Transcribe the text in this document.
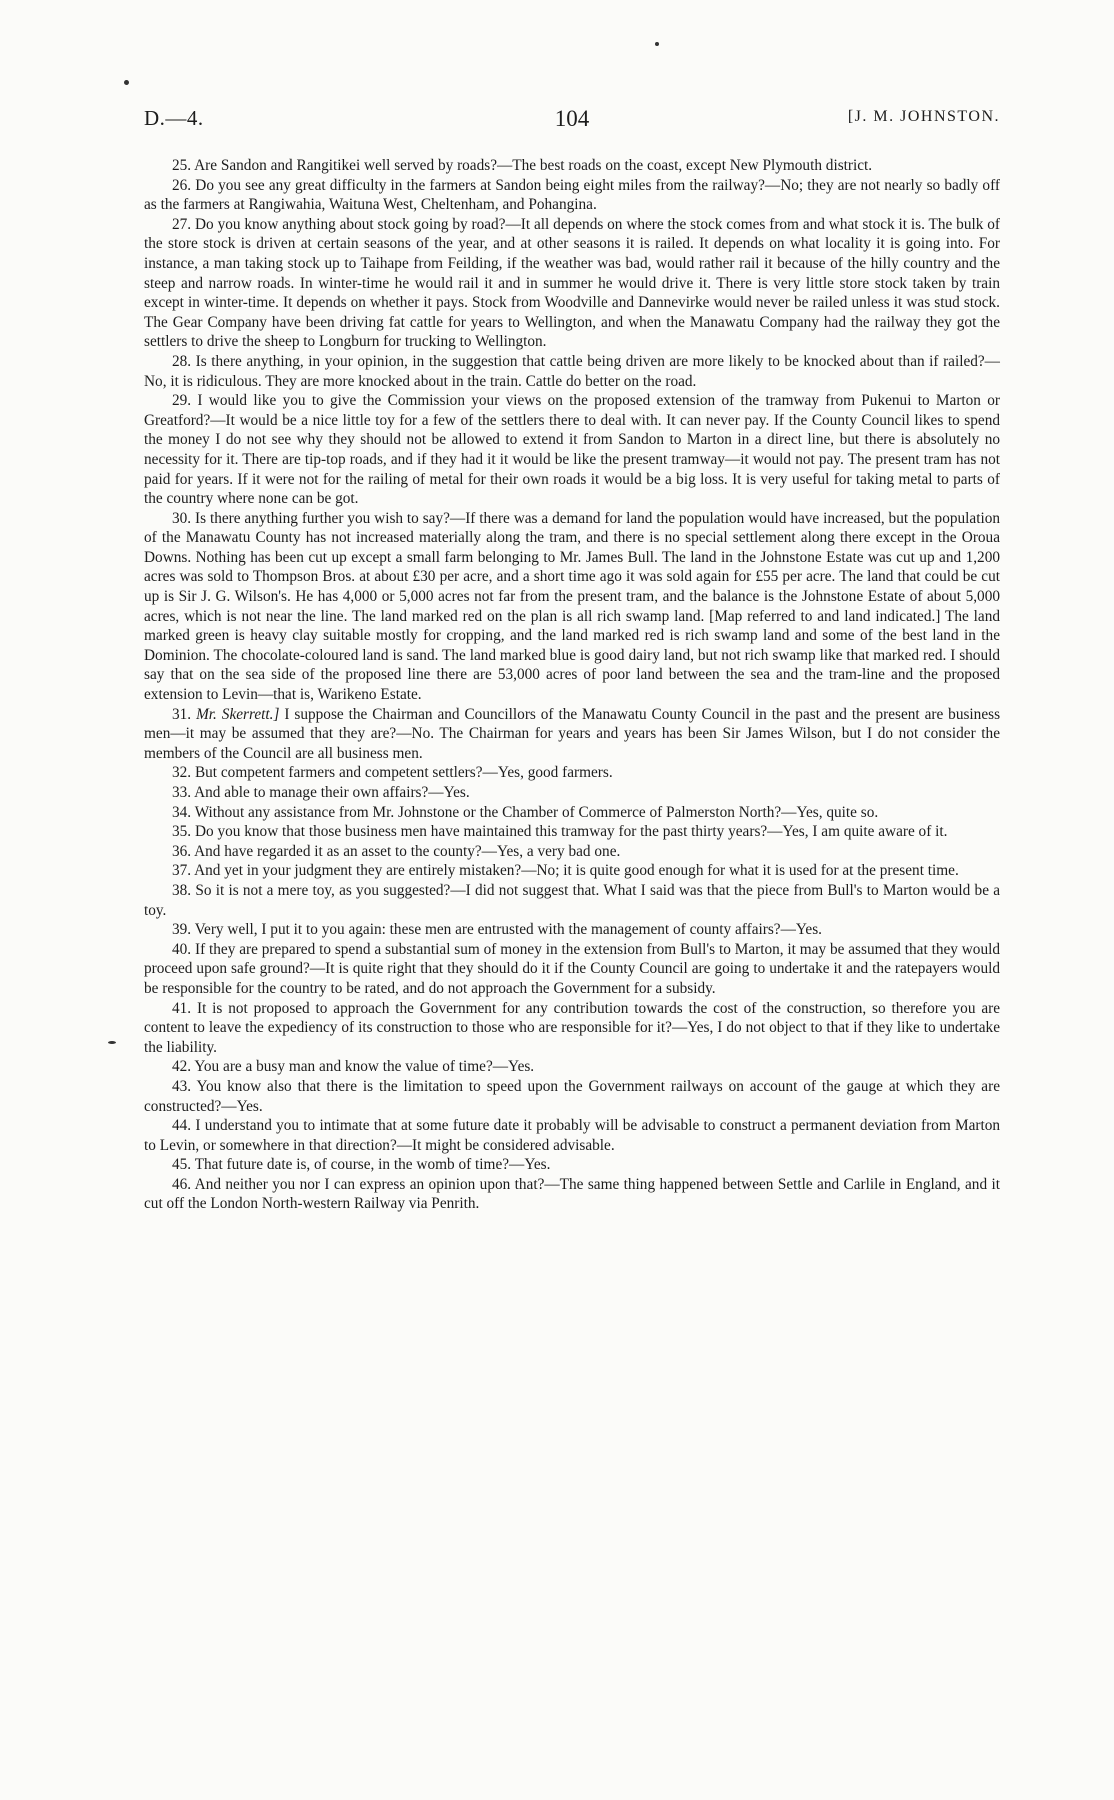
D.—4.	104	[J. M. JOHNSTON.

25. Are Sandon and Rangitikei well served by roads?—The best roads on the coast, except New Plymouth district.

26. Do you see any great difficulty in the farmers at Sandon being eight miles from the railway?—No; they are not nearly so badly off as the farmers at Rangiwahia, Waituna West, Cheltenham, and Pohangina.

27. Do you know anything about stock going by road?—It all depends on where the stock comes from and what stock it is. The bulk of the store stock is driven at certain seasons of the year, and at other seasons it is railed. It depends on what locality it is going into. For instance, a man taking stock up to Taihape from Feilding, if the weather was bad, would rather rail it because of the hilly country and the steep and narrow roads. In winter-time he would rail it and in summer he would drive it. There is very little store stock taken by train except in winter-time. It depends on whether it pays. Stock from Woodville and Dannevirke would never be railed unless it was stud stock. The Gear Company have been driving fat cattle for years to Wellington, and when the Manawatu Company had the railway they got the settlers to drive the sheep to Longburn for trucking to Wellington.

28. Is there anything, in your opinion, in the suggestion that cattle being driven are more likely to be knocked about than if railed?—No, it is ridiculous. They are more knocked about in the train. Cattle do better on the road.

29. I would like you to give the Commission your views on the proposed extension of the tramway from Pukenui to Marton or Greatford?—It would be a nice little toy for a few of the settlers there to deal with. It can never pay. If the County Council likes to spend the money I do not see why they should not be allowed to extend it from Sandon to Marton in a direct line, but there is absolutely no necessity for it. There are tip-top roads, and if they had it it would be like the present tramway—it would not pay. The present tram has not paid for years. If it were not for the railing of metal for their own roads it would be a big loss. It is very useful for taking metal to parts of the country where none can be got.

30. Is there anything further you wish to say?—If there was a demand for land the population would have increased, but the population of the Manawatu County has not increased materially along the tram, and there is no special settlement along there except in the Oroua Downs. Nothing has been cut up except a small farm belonging to Mr. James Bull. The land in the Johnstone Estate was cut up and 1,200 acres was sold to Thompson Bros. at about £30 per acre, and a short time ago it was sold again for £55 per acre. The land that could be cut up is Sir J. G. Wilson's. He has 4,000 or 5,000 acres not far from the present tram, and the balance is the Johnstone Estate of about 5,000 acres, which is not near the line. The land marked red on the plan is all rich swamp land. [Map referred to and land indicated.] The land marked green is heavy clay suitable mostly for cropping, and the land marked red is rich swamp land and some of the best land in the Dominion. The chocolate-coloured land is sand. The land marked blue is good dairy land, but not rich swamp like that marked red. I should say that on the sea side of the proposed line there are 53,000 acres of poor land between the sea and the tram-line and the proposed extension to Levin—that is, Warikeno Estate.

31. Mr. Skerrett.] I suppose the Chairman and Councillors of the Manawatu County Council in the past and the present are business men—it may be assumed that they are?—No. The Chairman for years and years has been Sir James Wilson, but I do not consider the members of the Council are all business men.

32. But competent farmers and competent settlers?—Yes, good farmers.

33. And able to manage their own affairs?—Yes.

34. Without any assistance from Mr. Johnstone or the Chamber of Commerce of Palmerston North?—Yes, quite so.

35. Do you know that those business men have maintained this tramway for the past thirty years?—Yes, I am quite aware of it.

36. And have regarded it as an asset to the county?—Yes, a very bad one.

37. And yet in your judgment they are entirely mistaken?—No; it is quite good enough for what it is used for at the present time.

38. So it is not a mere toy, as you suggested?—I did not suggest that. What I said was that the piece from Bull's to Marton would be a toy.

39. Very well, I put it to you again: these men are entrusted with the management of county affairs?—Yes.

40. If they are prepared to spend a substantial sum of money in the extension from Bull's to Marton, it may be assumed that they would proceed upon safe ground?—It is quite right that they should do it if the County Council are going to undertake it and the ratepayers would be responsible for the country to be rated, and do not approach the Government for a subsidy.

41. It is not proposed to approach the Government for any contribution towards the cost of the construction, so therefore you are content to leave the expediency of its construction to those who are responsible for it?—Yes, I do not object to that if they like to undertake the liability.

42. You are a busy man and know the value of time?—Yes.

43. You know also that there is the limitation to speed upon the Government railways on account of the gauge at which they are constructed?—Yes.

44. I understand you to intimate that at some future date it probably will be advisable to construct a permanent deviation from Marton to Levin, or somewhere in that direction?—It might be considered advisable.

45. That future date is, of course, in the womb of time?—Yes.

46. And neither you nor I can express an opinion upon that?—The same thing happened between Settle and Carlile in England, and it cut off the London North-western Railway via Penrith.
